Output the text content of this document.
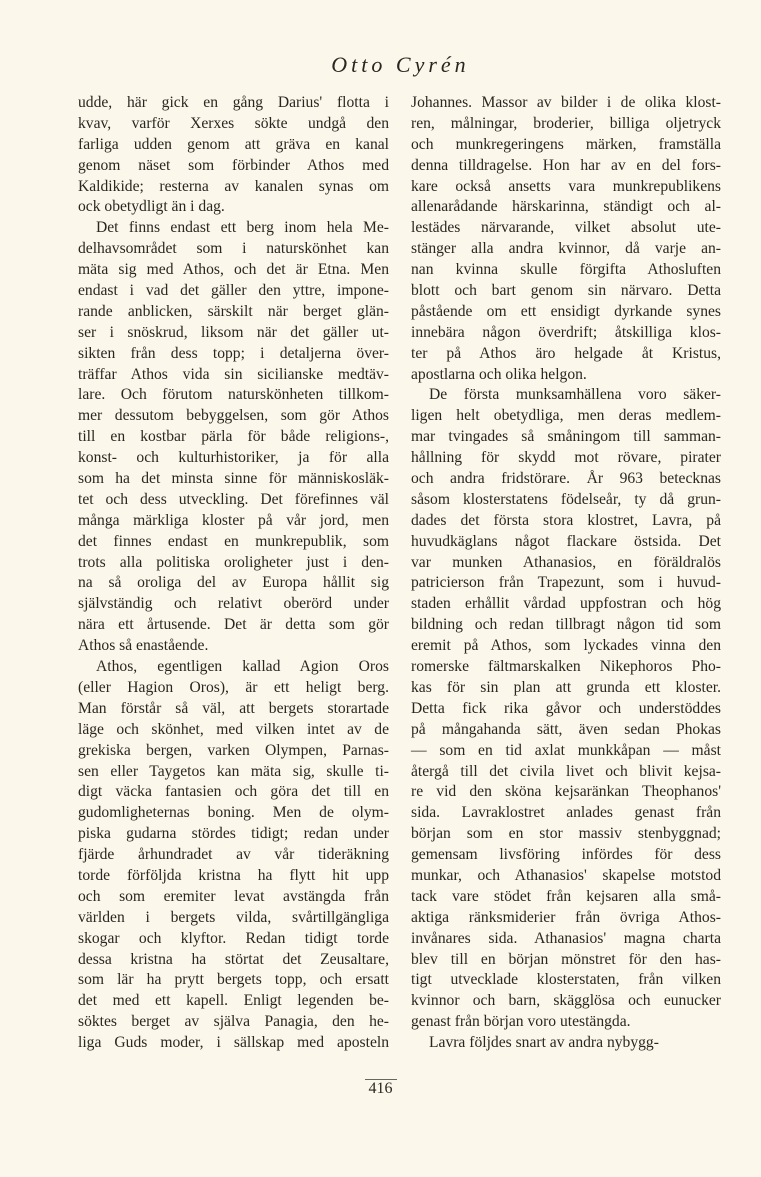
Otto Cyrén
udde, här gick en gång Darius' flotta i
kvav, varför Xerxes sökte undgå den
farliga udden genom att gräva en kanal
genom näset som förbinder Athos med
Kaldikide; resterna av kanalen synas om
ock obetydligt än i dag.
Det finns endast ett berg inom hela Me-
delhavsområdet som i naturskönhet kan
mäta sig med Athos, och det är Etna. Men
endast i vad det gäller den yttre, impone-
rande anblicken, särskilt när berget glän-
ser i snöskrud, liksom när det gäller ut-
sikten från dess topp; i detaljerna över-
träffar Athos vida sin sicilianske medtäv-
lare. Och förutom naturskönheten tillkom-
mer dessutom bebyggelsen, som gör Athos
till en kostbar pärla för både religions-,
konst- och kulturhistoriker, ja för alla
som ha det minsta sinne för människosläk-
tet och dess utveckling. Det förefinnes väl
många märkliga kloster på vår jord, men
det finnes endast en munkrepublik, som
trots alla politiska oroligheter just i den-
na så oroliga del av Europa hållit sig
självständig och relativt oberörd under
nära ett årtusende. Det är detta som gör
Athos så enastående.
Athos, egentligen kallad Agion Oros
(eller Hagion Oros), är ett heligt berg.
Man förstår så väl, att bergets storartade
läge och skönhet, med vilken intet av de
grekiska bergen, varken Olympen, Parnas-
sen eller Taygetos kan mäta sig, skulle ti-
digt väcka fantasien och göra det till en
gudomligheternas boning. Men de olym-
piska gudarna stördes tidigt; redan under
fjärde århundradet av vår tideräkning
torde förföljda kristna ha flytt hit upp
och som eremiter levat avstängda från
världen i bergets vilda, svårtillgängliga
skogar och klyftor. Redan tidigt torde
dessa kristna ha störtat det Zeusaltare,
som lär ha prytt bergets topp, och ersatt
det med ett kapell. Enligt legenden be-
söktes berget av själva Panagia, den he-
liga Guds moder, i sällskap med aposteln
Johannes. Massor av bilder i de olika klost-
ren, målningar, broderier, billiga oljetryck
och munkregeringens märken, framställa
denna tilldragelse. Hon har av en del fors-
kare också ansetts vara munkrepublikens
allenarådande härskarinna, ständigt och al-
lestädes närvarande, vilket absolut ute-
stänger alla andra kvinnor, då varje an-
nan kvinna skulle förgifta Athosluften
blott och bart genom sin närvaro. Detta
påstående om ett ensidigt dyrkande synes
innebära någon överdrift; åtskilliga klos-
ter på Athos äro helgade åt Kristus,
apostlarna och olika helgon.
De första munksamhällena voro säker-
ligen helt obetydliga, men deras medlem-
mar tvingades så småningom till samman-
hållning för skydd mot rövare, pirater
och andra fridstörare. År 963 betecknas
såsom klosterstatens födelseår, ty då grun-
dades det första stora klostret, Lavra, på
huvudkäglans något flackare östsida. Det
var munken Athanasios, en föräldralös
patricierson från Trapezunt, som i huvud-
staden erhållit vårdad uppfostran och hög
bildning och redan tillbragt någon tid som
eremit på Athos, som lyckades vinna den
romerske fältmarskalken Nikephoros Pho-
kas för sin plan att grunda ett kloster.
Detta fick rika gåvor och understöddes
på mångahanda sätt, även sedan Phokas
— som en tid axlat munkkåpan — måst
återgå till det civila livet och blivit kejsa-
re vid den sköna kejsaränkan Theophanos'
sida. Lavraklostret anlades genast från
början som en stor massiv stenbyggnad;
gemensam livsföring infördes för dess
munkar, och Athanasios' skapelse motstod
tack vare stödet från kejsaren alla små-
aktiga ränksmiderier från övriga Athos-
invånares sida. Athanasios' magna charta
blev till en början mönstret för den has-
tigt utvecklade klosterstaten, från vilken
kvinnor och barn, skägglösa och eunucker
genast från början voro utestängda.
Lavra följdes snart av andra nybygg-
416
